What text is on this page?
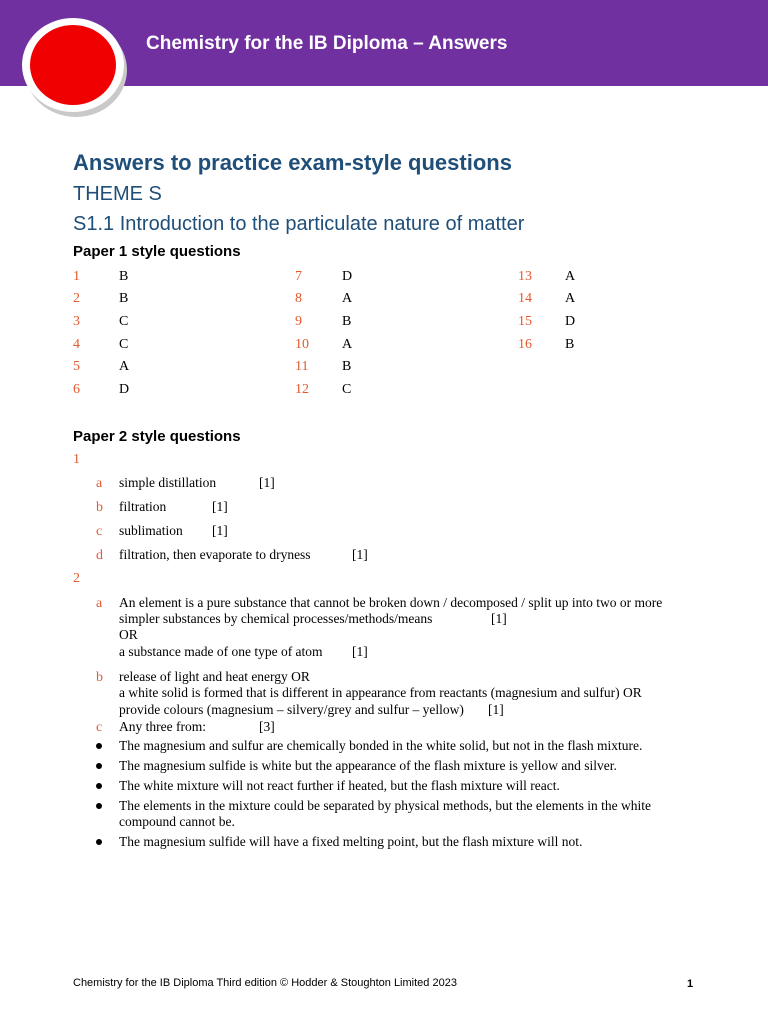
Chemistry for the IB Diploma – Answers
Answers to practice exam-style questions
THEME S
S1.1 Introduction to the particulate nature of matter
Paper 1 style questions
1	B
2	B
3	C
4	C
5	A
6	D
7	D
8	A
9	B
10 A
11 B
12 C
13 A
14 A
15 D
16 B
Paper 2 style questions
1
a simple distillation	[1]
b filtration	[1]
c sublimation [1]
d filtration, then evaporate to dryness	[1]
2
a An element is a pure substance that cannot be broken down / decomposed / split up into two or more
simpler substances by chemical processes/methods/means	[1]
OR
a substance made of one type of atom [1]
b release of light and heat energy OR
a white solid is formed that is different in appearance from reactants (magnesium and sulfur) OR
provide colours (magnesium – silvery/grey and sulfur – yellow) [1]
c Any three from:	[3]
The magnesium and sulfur are chemically bonded in the white solid, but not in the flash mixture.
The magnesium sulfide is white but the appearance of the flash mixture is yellow and silver.
The white mixture will not react further if heated, but the flash mixture will react.
The elements in the mixture could be separated by physical methods, but the elements in the white
compound cannot be.
The magnesium sulfide will have a fixed melting point, but the flash mixture will not.
Chemistry for the IB Diploma Third edition © Hodder & Stoughton Limited 2023	1
